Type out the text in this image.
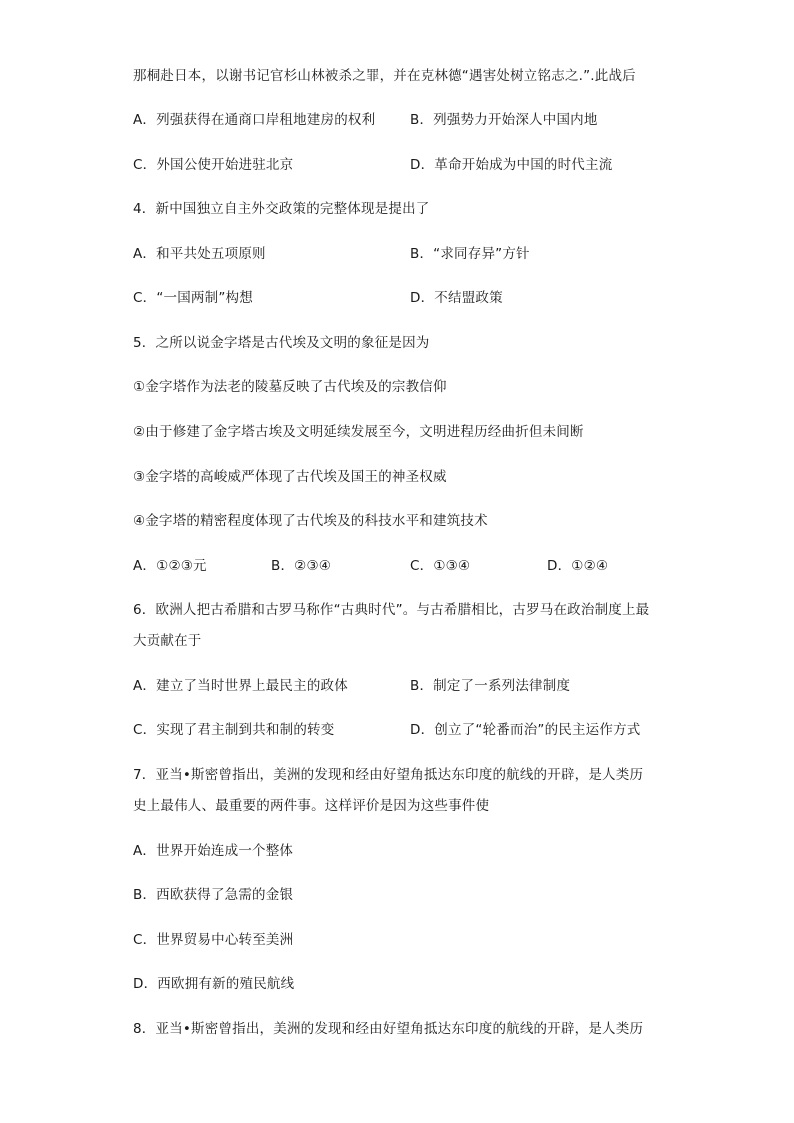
那桐赴日本，以谢书记官杉山林被杀之罪，并在克林德“遇害处树立铭志之.”.此战后
A．列强获得在通商口岸租地建房的权利	B．列强势力开始深人中国内地
C．外国公使开始进驻北京	D．革命开始成为中国的时代主流
4．新中国独立自主外交政策的完整体现是提出了
A．和平共处五项原则	B．“求同存异”方针
C．“一国两制”构想	D．不结盟政策
5．之所以说金字塔是古代埃及文明的象征是因为
①金字塔作为法老的陵墓反映了古代埃及的宗教信仰
②由于修建了金字塔古埃及文明延续发展至今，文明进程历经曲折但未间断
③金字塔的高峻威严体现了古代埃及国王的神圣权威
④金字塔的精密程度体现了古代埃及的科技水平和建筑技术
A．①②③元	B．②③④	C．①③④	D．①②④
6．欧洲人把古希腊和古罗马称作“古典时代”。与古希腊相比，古罗马在政治制度上最
大贡献在于
A．建立了当时世界上最民主的政体	B．制定了一系列法律制度
C．实现了君主制到共和制的转变	D．创立了“轮番而治”的民主运作方式
7．亚当•斯密曾指出，美洲的发现和经由好望角抵达东印度的航线的开辟，是人类历
史上最伟人、最重要的两件事。这样评价是因为这些事件使
A．世界开始连成一个整体
B．西欧获得了急需的金银
C．世界贸易中心转至美洲
D．西欧拥有新的殖民航线
8．亚当•斯密曾指出，美洲的发现和经由好望角抵达东印度的航线的开辟，是人类历
